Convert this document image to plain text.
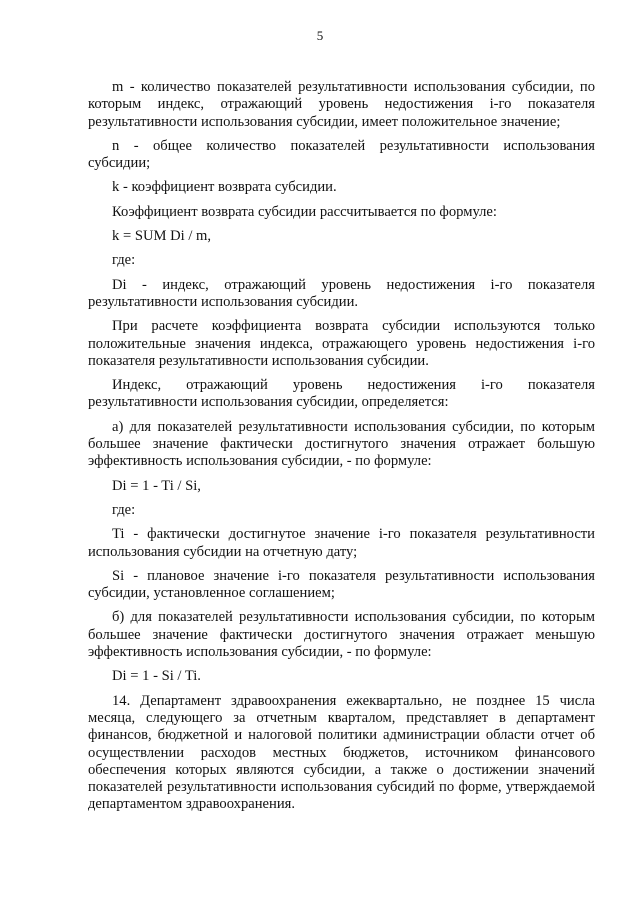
5

m - количество показателей результативности использования субсидии, по которым индекс, отражающий уровень недостижения i-го показателя результативности использования субсидии, имеет положительное значение;

n - общее количество показателей результативности использования субсидии;

k - коэффициент возврата субсидии.

Коэффициент возврата субсидии рассчитывается по формуле:

k = SUM Di / m,

где:

Di - индекс, отражающий уровень недостижения i-го показателя результативности использования субсидии.

При расчете коэффициента возврата субсидии используются только положительные значения индекса, отражающего уровень недостижения i-го показателя результативности использования субсидии.

Индекс, отражающий уровень недостижения i-го показателя результативности использования субсидии, определяется:

а) для показателей результативности использования субсидии, по которым большее значение фактически достигнутого значения отражает большую эффективность использования субсидии, - по формуле:

Di = 1 - Ti / Si,

где:

Ti - фактически достигнутое значение i-го показателя результативности использования субсидии на отчетную дату;

Si - плановое значение i-го показателя результативности использования субсидии, установленное соглашением;

б) для показателей результативности использования субсидии, по которым большее значение фактически достигнутого значения отражает меньшую эффективность использования субсидии, - по формуле:

Di = 1 - Si / Ti.

14. Департамент здравоохранения ежеквартально, не позднее 15 числа месяца, следующего за отчетным кварталом, представляет в департамент финансов, бюджетной и налоговой политики администрации области отчет об осуществлении расходов местных бюджетов, источником финансового обеспечения которых являются субсидии, а также о достижении значений показателей результативности использования субсидий по форме, утверждаемой департаментом здравоохранения.
